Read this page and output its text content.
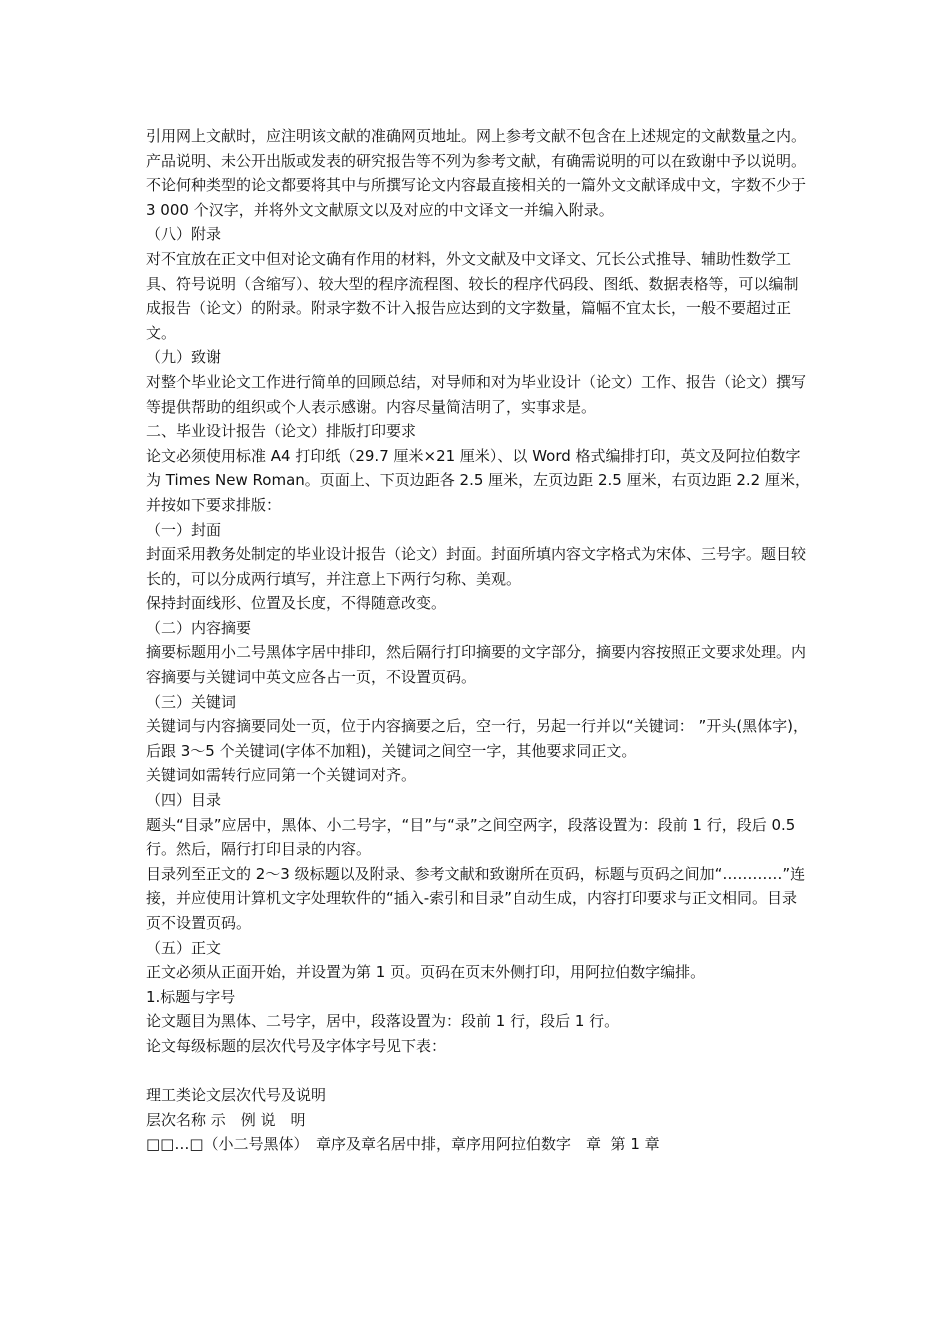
引用网上文献时，应注明该文献的准确网页地址。网上参考文献不包含在上述规定的文献数量之内。

产品说明、未公开出版或发表的研究报告等不列为参考文献，有确需说明的可以在致谢中予以说明。

不论何种类型的论文都要将其中与所撰写论文内容最直接相关的一篇外文文献译成中文，字数不少于 3 000 个汉字，并将外文文献原文以及对应的中文译文一并编入附录。

（八）附录

对不宜放在正文中但对论文确有作用的材料，外文文献及中文译文、冗长公式推导、辅助性数学工具、符号说明（含缩写）、较大型的程序流程图、较长的程序代码段、图纸、数据表格等，可以编制成报告（论文）的附录。附录字数不计入报告应达到的文字数量，篇幅不宜太长，一般不要超过正文。

（九）致谢

对整个毕业论文工作进行简单的回顾总结，对导师和对为毕业设计（论文）工作、报告（论文）撰写等提供帮助的组织或个人表示感谢。内容尽量简洁明了，实事求是。

二、毕业设计报告（论文）排版打印要求

论文必须使用标准 A4 打印纸（29.7 厘米×21 厘米）、以 Word 格式编排打印，英文及阿拉伯数字为 Times New Roman。页面上、下页边距各 2.5 厘米，左页边距 2.5 厘米，右页边距 2.2 厘米，并按如下要求排版：

（一）封面

封面采用教务处制定的毕业设计报告（论文）封面。封面所填内容文字格式为宋体、三号字。题目较长的，可以分成两行填写，并注意上下两行匀称、美观。

保持封面线形、位置及长度，不得随意改变。

（二）内容摘要

摘要标题用小二号黑体字居中排印，然后隔行打印摘要的文字部分，摘要内容按照正文要求处理。内容摘要与关键词中英文应各占一页，不设置页码。

（三）关键词

关键词与内容摘要同处一页，位于内容摘要之后，空一行，另起一行并以“关键词： ”开头(黑体字)，后跟 3～5 个关键词(字体不加粗)，关键词之间空一字，其他要求同正文。

关键词如需转行应同第一个关键词对齐。

（四）目录

题头“目录”应居中，黑体、小二号字，“目”与“录”之间空两字，段落设置为：段前 1 行，段后 0.5 行。然后，隔行打印目录的内容。

目录列至正文的 2～3 级标题以及附录、参考文献和致谢所在页码，标题与页码之间加“…………”连接，并应使用计算机文字处理软件的“插入-索引和目录”自动生成，内容打印要求与正文相同。目录页不设置页码。

（五）正文

正文必须从正面开始，并设置为第 1 页。页码在页末外侧打印，用阿拉伯数字编排。

1.标题与字号

论文题目为黑体、二号字，居中，段落设置为：段前 1 行，段后 1 行。

论文每级标题的层次代号及字体字号见下表：

理工类论文层次代号及说明

层次名称 示　例 说　明

□□…□（小二号黑体）　章序及章名居中排，章序用阿拉伯数字　章  第 1 章
